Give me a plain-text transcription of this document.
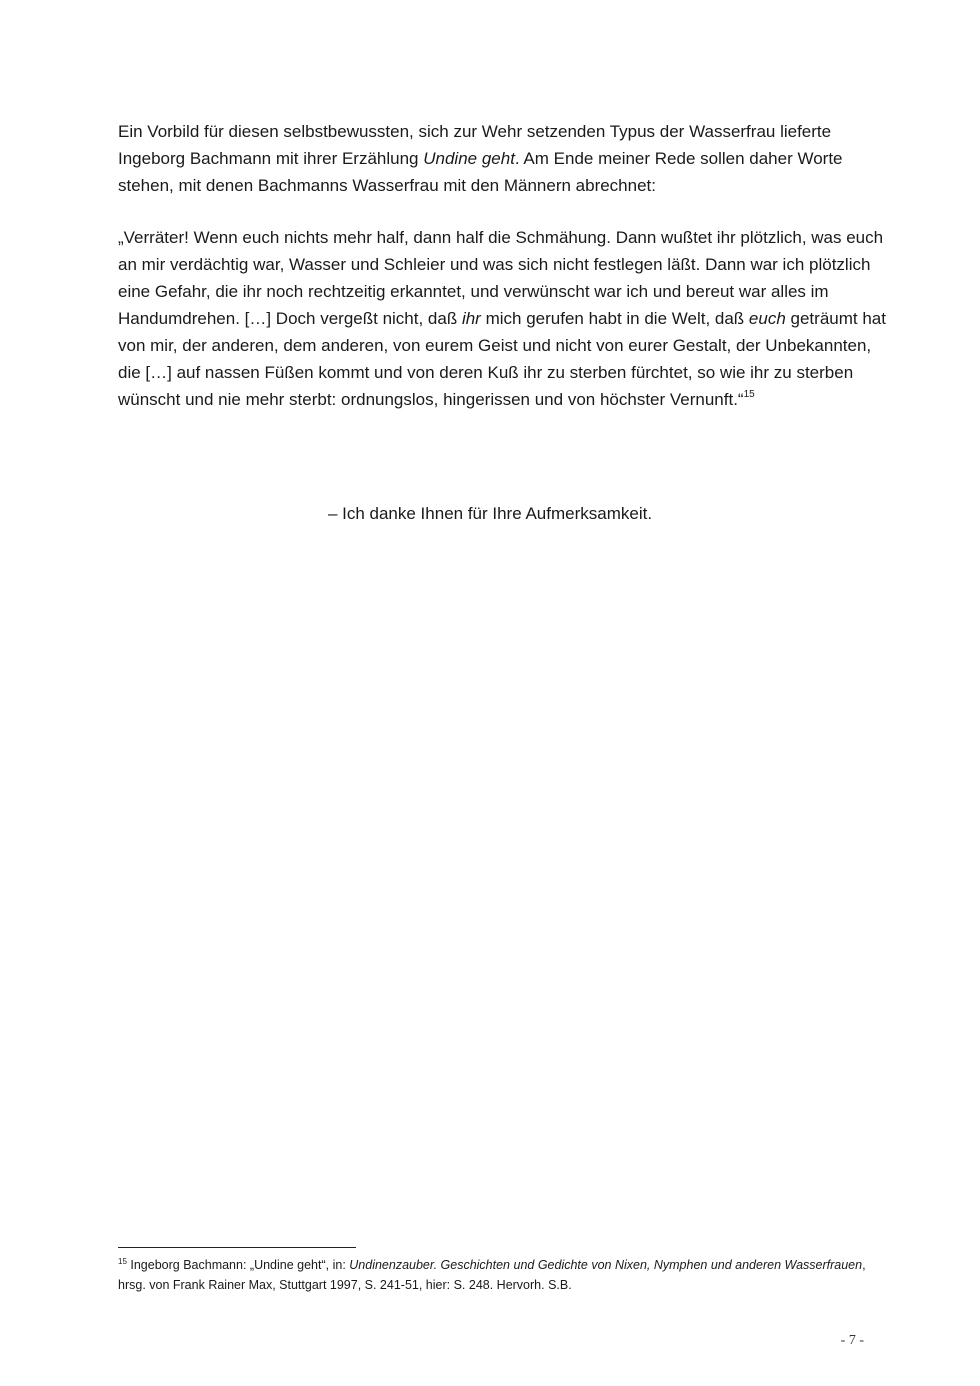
Ein Vorbild für diesen selbstbewussten, sich zur Wehr setzenden Typus der Wasserfrau lieferte Ingeborg Bachmann mit ihrer Erzählung Undine geht. Am Ende meiner Rede sollen daher Worte stehen, mit denen Bachmanns Wasserfrau mit den Männern abrechnet:

„Verräter! Wenn euch nichts mehr half, dann half die Schmähung. Dann wußtet ihr plötzlich, was euch an mir verdächtig war, Wasser und Schleier und was sich nicht festlegen läßt. Dann war ich plötzlich eine Gefahr, die ihr noch rechtzeitig erkanntet, und verwünscht war ich und bereut war alles im Handumdrehen. […] Doch vergeßt nicht, daß ihr mich gerufen habt in die Welt, daß euch geträumt hat von mir, der anderen, dem anderen, von eurem Geist und nicht von eurer Gestalt, der Unbekannten, die […] auf nassen Füßen kommt und von deren Kuß ihr zu sterben fürchtet, so wie ihr zu sterben wünscht und nie mehr sterbt: ordnungslos, hingerissen und von höchster Vernunft.“$^{15}$

– Ich danke Ihnen für Ihre Aufmerksamkeit.

$^{15}$ Ingeborg Bachmann: „Undine geht“, in: Undinenzauber. Geschichten und Gedichte von Nixen, Nymphen und anderen Wasserfrauen, hrsg. von Frank Rainer Max, Stuttgart 1997, S. 241-51, hier: S. 248. Hervorh. S.B.

- 7 -
